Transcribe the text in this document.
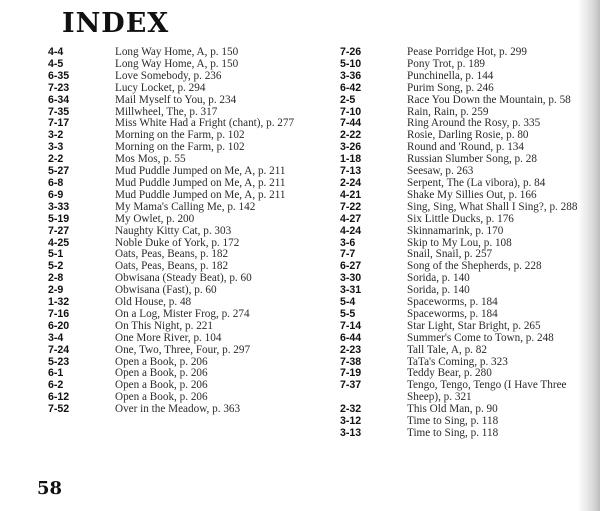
INDEX
4-4	Long Way Home, A, p. 150
4-5	Long Way Home, A, p. 150
6-35	Love Somebody, p. 236
7-23	Lucy Locket, p. 294
6-34	Mail Myself to You, p. 234
7-35	Millwheel, The, p. 317
7-17	Miss White Had a Fright (chant), p. 277
3-2	Morning on the Farm, p. 102
3-3	Morning on the Farm, p. 102
2-2	Mos Mos, p. 55
5-27	Mud Puddle Jumped on Me, A, p. 211
6-8	Mud Puddle Jumped on Me, A, p. 211
6-9	Mud Puddle Jumped on Me, A, p. 211
3-33	My Mama's Calling Me, p. 142
5-19	My Owlet, p. 200
7-27	Naughty Kitty Cat, p. 303
4-25	Noble Duke of York, p. 172
5-1	Oats, Peas, Beans, p. 182
5-2	Oats, Peas, Beans, p. 182
2-8	Obwisana (Steady Beat), p. 60
2-9	Obwisana (Fast), p. 60
1-32	Old House, p. 48
7-16	On a Log, Mister Frog, p. 274
6-20	On This Night, p. 221
3-4	One More River, p. 104
7-24	One, Two, Three, Four, p. 297
5-23	Open a Book, p. 206
6-1	Open a Book, p. 206
6-2	Open a Book, p. 206
6-12	Open a Book, p. 206
7-52	Over in the Meadow, p. 363
7-26	Pease Porridge Hot, p. 299
5-10	Pony Trot, p. 189
3-36	Punchinella, p. 144
6-42	Purim Song, p. 246
2-5	Race You Down the Mountain, p. 58
7-10	Rain, Rain, p. 259
7-44	Ring Around the Rosy, p. 335
2-22	Rosie, Darling Rosie, p. 80
3-26	Round and 'Round, p. 134
1-18	Russian Slumber Song, p. 28
7-13	Seesaw, p. 263
2-24	Serpent, The (La vibora), p. 84
4-21	Shake My Sillies Out, p. 166
7-22	Sing, Sing, What Shall I Sing?, p. 288
4-27	Six Little Ducks, p. 176
4-24	Skinnamarink, p. 170
3-6	Skip to My Lou, p. 108
7-7	Snail, Snail, p. 257
6-27	Song of the Shepherds, p. 228
3-30	Sorida, p. 140
3-31	Sorida, p. 140
5-4	Spaceworms, p. 184
5-5	Spaceworms, p. 184
7-14	Star Light, Star Bright, p. 265
6-44	Summer's Come to Town, p. 248
2-23	Tall Tale, A, p. 82
7-38	TaTa's Coming, p. 323
7-19	Teddy Bear, p. 280
7-37	Tengo, Tengo, Tengo (I Have Three Sheep), p. 321
2-32	This Old Man, p. 90
3-12	Time to Sing, p. 118
3-13	Time to Sing, p. 118

58
